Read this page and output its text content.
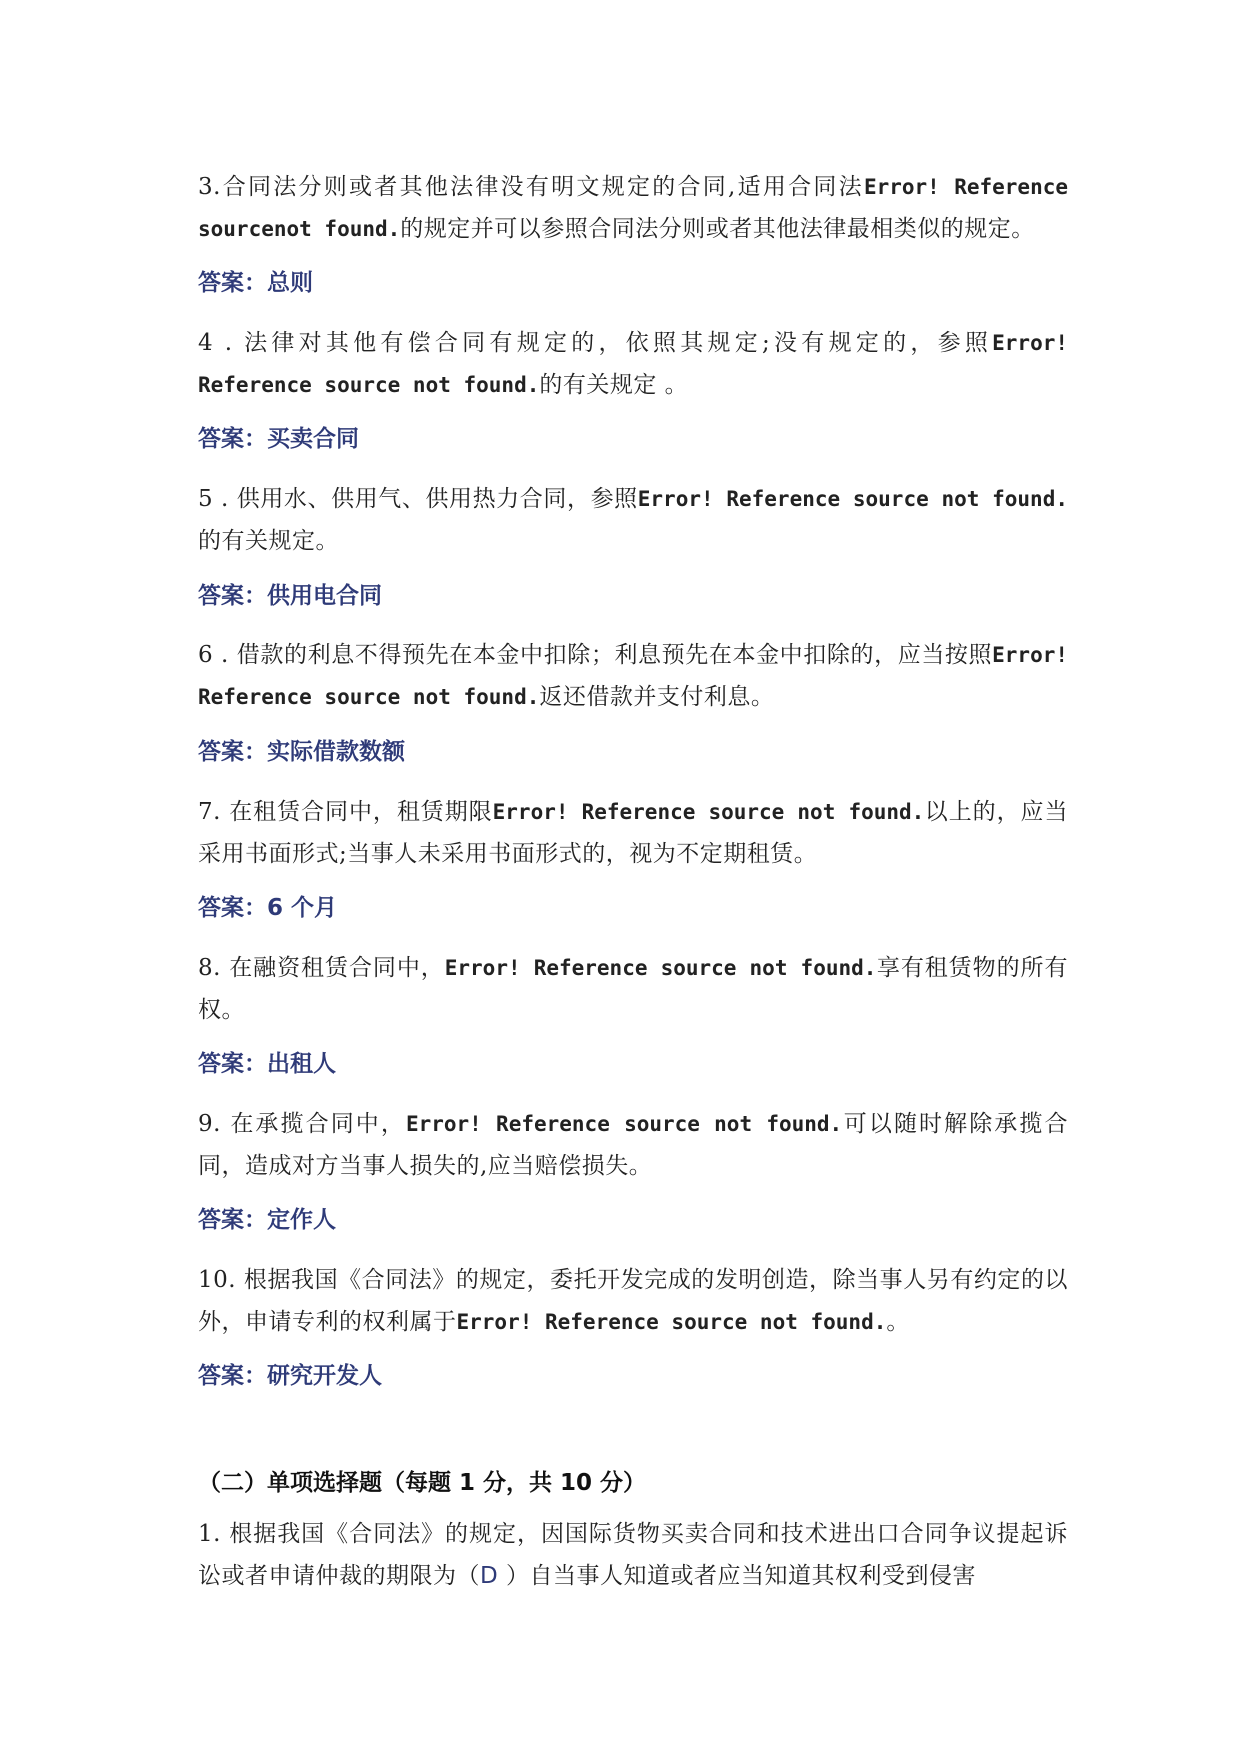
3.合同法分则或者其他法律没有明文规定的合同,适用合同法Error! Reference sourcenot found.的规定并可以参照合同法分则或者其他法律最相类似的规定。

答案：总则

4 . 法律对其他有偿合同有规定的，依照其规定;没有规定的，参照Error! Reference source not found.的有关规定 。

答案：买卖合同

5 . 供用水、供用气、供用热力合同，参照Error! Reference source not found.的有关规定。

答案：供用电合同

6 . 借款的利息不得预先在本金中扣除；利息预先在本金中扣除的，应当按照Error! Reference source not found.返还借款并支付利息。

答案：实际借款数额

7. 在租赁合同中，租赁期限Error! Reference source not found.以上的，应当采用书面形式;当事人未采用书面形式的，视为不定期租赁。

答案：6 个月

8. 在融资租赁合同中，Error! Reference source not found.享有租赁物的所有权。

答案：出租人

9. 在承揽合同中，Error! Reference source not found.可以随时解除承揽合同，造成对方当事人损失的,应当赔偿损失。

答案：定作人

10. 根据我国《合同法》的规定，委托开发完成的发明创造，除当事人另有约定的以外，申请专利的权利属于Error! Reference source not found.。

答案：研究开发人

（二）单项选择题（每题 1 分，共 10 分）

1. 根据我国《合同法》的规定，因国际货物买卖合同和技术进出口合同争议提起诉讼或者申请仲裁的期限为（D ）自当事人知道或者应当知道其权利受到侵害
